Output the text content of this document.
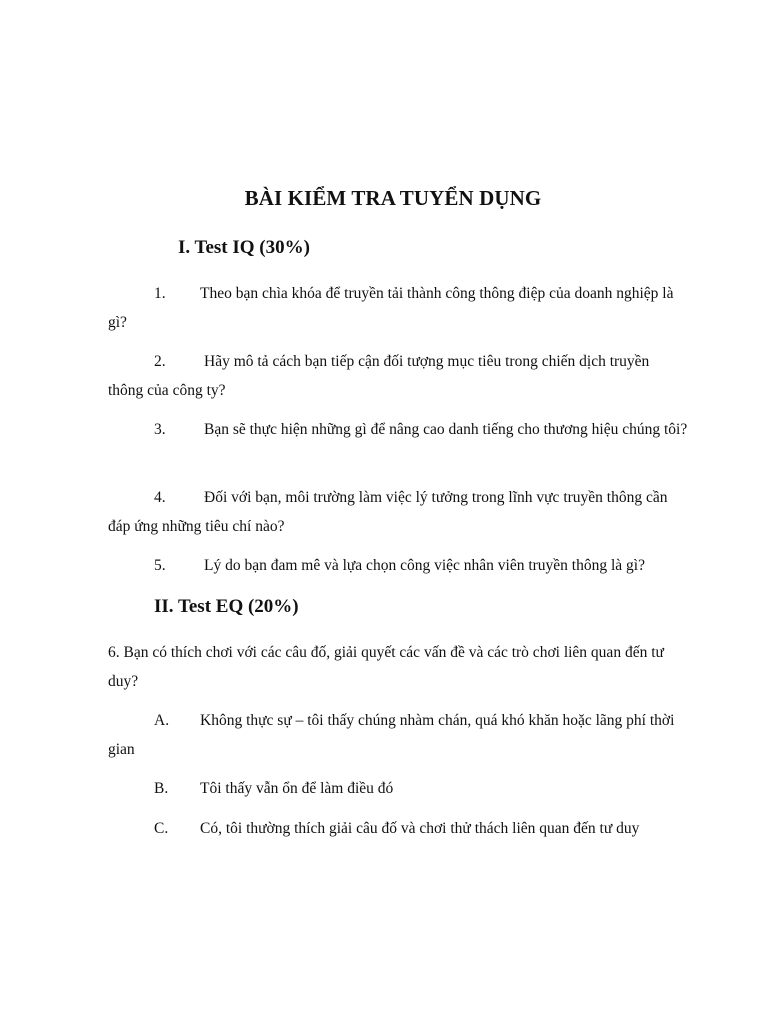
BÀI KIỂM TRA TUYỂN DỤNG
I. Test IQ (30%)

1. Theo bạn chìa khóa để truyền tải thành công thông điệp của doanh nghiệp là gì?

2. Hãy mô tả cách bạn tiếp cận đối tượng mục tiêu trong chiến dịch truyền thông của công ty?

3. Bạn sẽ thực hiện những gì để nâng cao danh tiếng cho thương hiệu chúng tôi?

4. Đối với bạn, môi trường làm việc lý tưởng trong lĩnh vực truyền thông cần đáp ứng những tiêu chí nào?

5. Lý do bạn đam mê và lựa chọn công việc nhân viên truyền thông là gì?

II. Test EQ (20%)

6. Bạn có thích chơi với các câu đố, giải quyết các vấn đề và các trò chơi liên quan đến tư duy?

A. Không thực sự – tôi thấy chúng nhàm chán, quá khó khăn hoặc lãng phí thời gian

B. Tôi thấy vẫn ổn để làm điều đó

C. Có, tôi thường thích giải câu đố và chơi thử thách liên quan đến tư duy
